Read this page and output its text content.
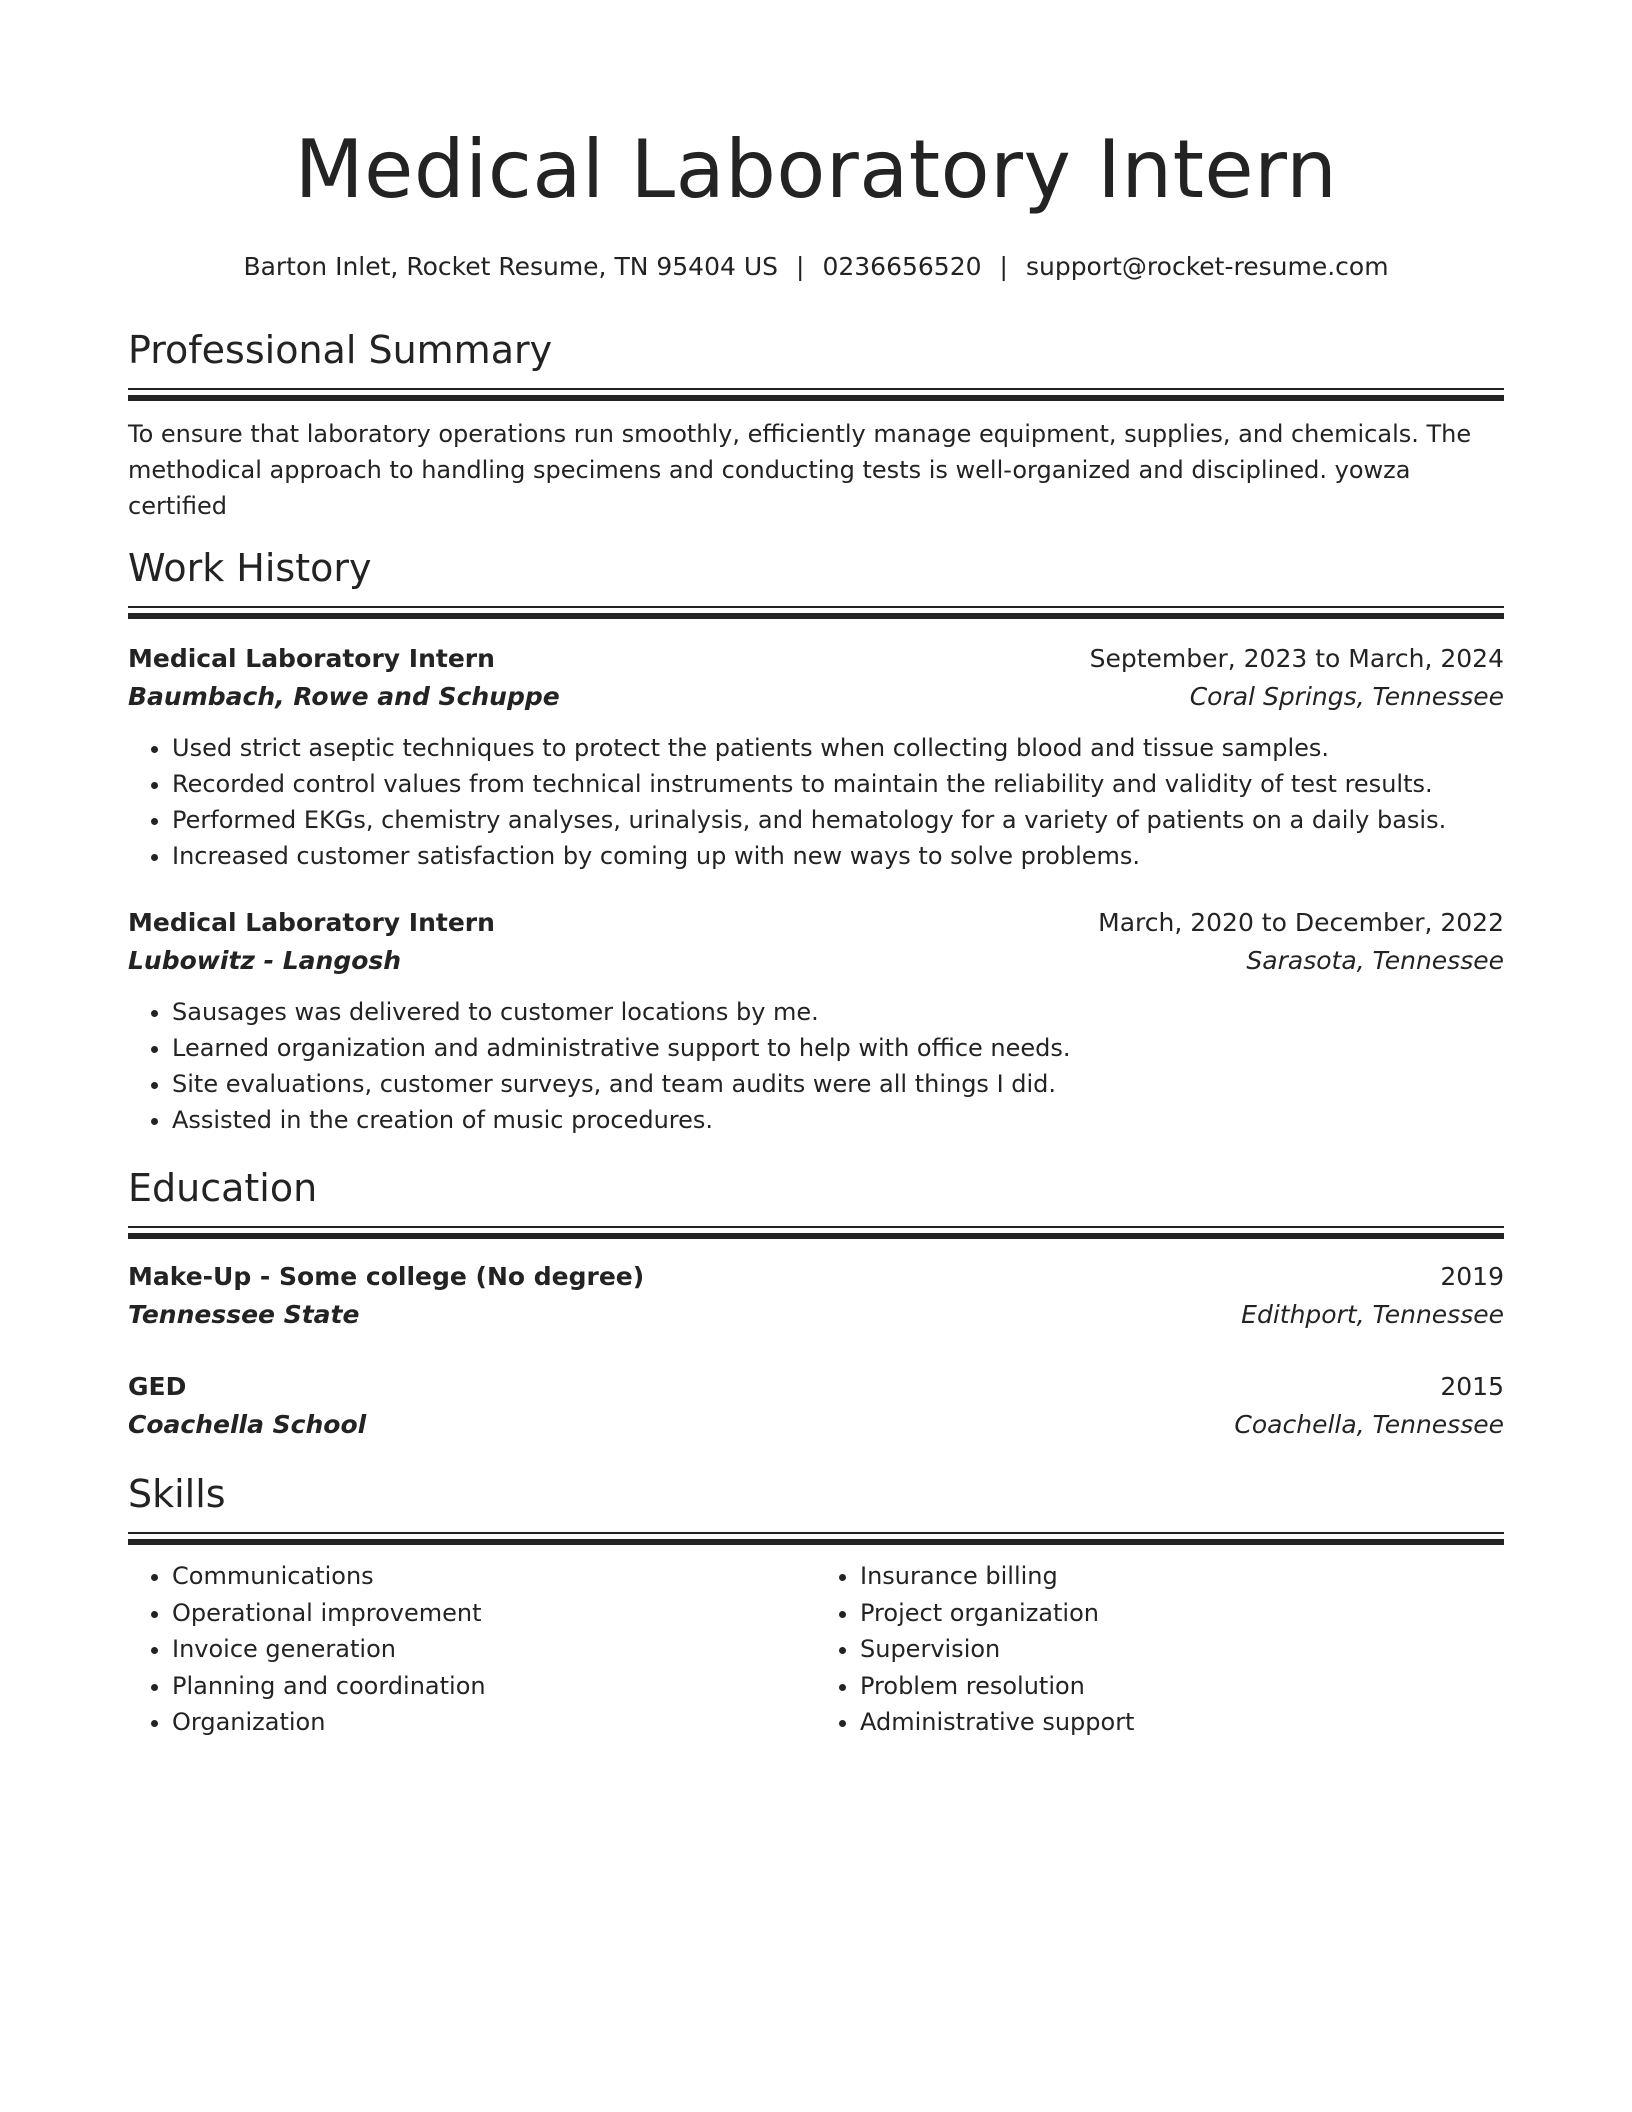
Medical Laboratory Intern
Barton Inlet, Rocket Resume, TN 95404 US | 0236656520 | support@rocket-resume.com
Professional Summary
To ensure that laboratory operations run smoothly, efficiently manage equipment, supplies, and chemicals. The methodical approach to handling specimens and conducting tests is well-organized and disciplined. yowza certified
Work History
Medical Laboratory Intern	September, 2023 to March, 2024
Baumbach, Rowe and Schuppe	Coral Springs, Tennessee
• Used strict aseptic techniques to protect the patients when collecting blood and tissue samples.
• Recorded control values from technical instruments to maintain the reliability and validity of test results.
• Performed EKGs, chemistry analyses, urinalysis, and hematology for a variety of patients on a daily basis.
• Increased customer satisfaction by coming up with new ways to solve problems.
Medical Laboratory Intern	March, 2020 to December, 2022
Lubowitz - Langosh	Sarasota, Tennessee
• Sausages was delivered to customer locations by me.
• Learned organization and administrative support to help with office needs.
• Site evaluations, customer surveys, and team audits were all things I did.
• Assisted in the creation of music procedures.
Education
Make-Up - Some college (No degree)	2019
Tennessee State	Edithport, Tennessee
GED	2015
Coachella School	Coachella, Tennessee
Skills
• Communications
• Operational improvement
• Invoice generation
• Planning and coordination
• Organization
• Insurance billing
• Project organization
• Supervision
• Problem resolution
• Administrative support
